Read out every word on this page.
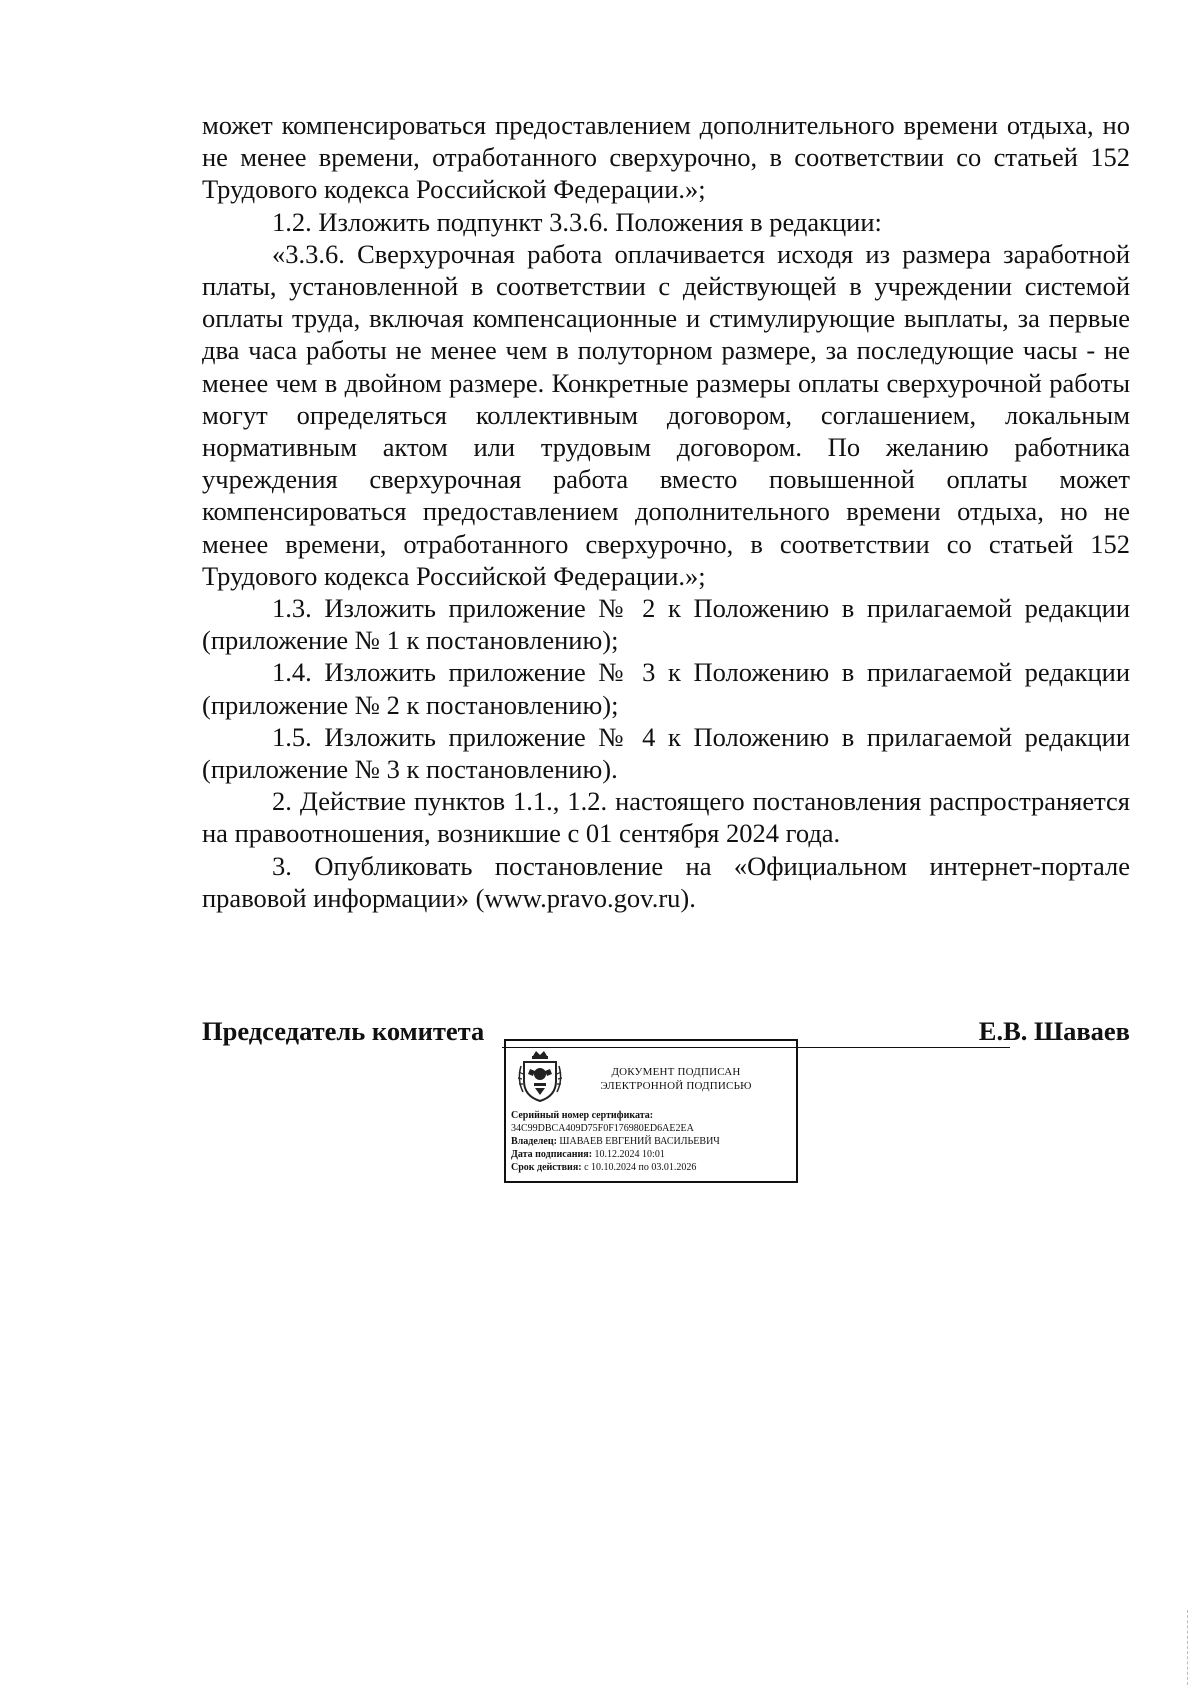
может компенсироваться предоставлением дополнительного времени отдыха, но не менее времени, отработанного сверхурочно, в соответствии со статьей 152 Трудового кодекса Российской Федерации.»;

1.2. Изложить подпункт 3.3.6. Положения в редакции:

«3.3.6. Сверхурочная работа оплачивается исходя из размера заработной платы, установленной в соответствии с действующей в учреждении системой оплаты труда, включая компенсационные и стимулирующие выплаты, за первые два часа работы не менее чем в полуторном размере, за последующие часы - не менее чем в двойном размере. Конкретные размеры оплаты сверхурочной работы могут определяться коллективным договором, соглашением, локальным нормативным актом или трудовым договором. По желанию работника учреждения сверхурочная работа вместо повышенной оплаты может компенсироваться предоставлением дополнительного времени отдыха, но не менее времени, отработанного сверхурочно, в соответствии со статьей 152 Трудового кодекса Российской Федерации.»;

1.3. Изложить приложение № 2 к Положению в прилагаемой редакции (приложение № 1 к постановлению);

1.4. Изложить приложение № 3 к Положению в прилагаемой редакции (приложение № 2 к постановлению);

1.5. Изложить приложение № 4 к Положению в прилагаемой редакции (приложение № 3 к постановлению).

2. Действие пунктов 1.1., 1.2. настоящего постановления распространяется на правоотношения, возникшие с 01 сентября 2024 года.

3. Опубликовать постановление на «Официальном интернет-портале правовой информации» (www.pravo.gov.ru).

Председатель комитета	Е.В. Шаваев
ДОКУМЕНТ ПОДПИСАН
ЭЛЕКТРОННОЙ ПОДПИСЬЮ
Серийный номер сертификата:
34C99DBCA409D75F0F176980ED6AE2EA
Владелец: ШАВАЕВ ЕВГЕНИЙ ВАСИЛЬЕВИЧ
Дата подписания: 10.12.2024 10:01
Срок действия: с 10.10.2024 по 03.01.2026
